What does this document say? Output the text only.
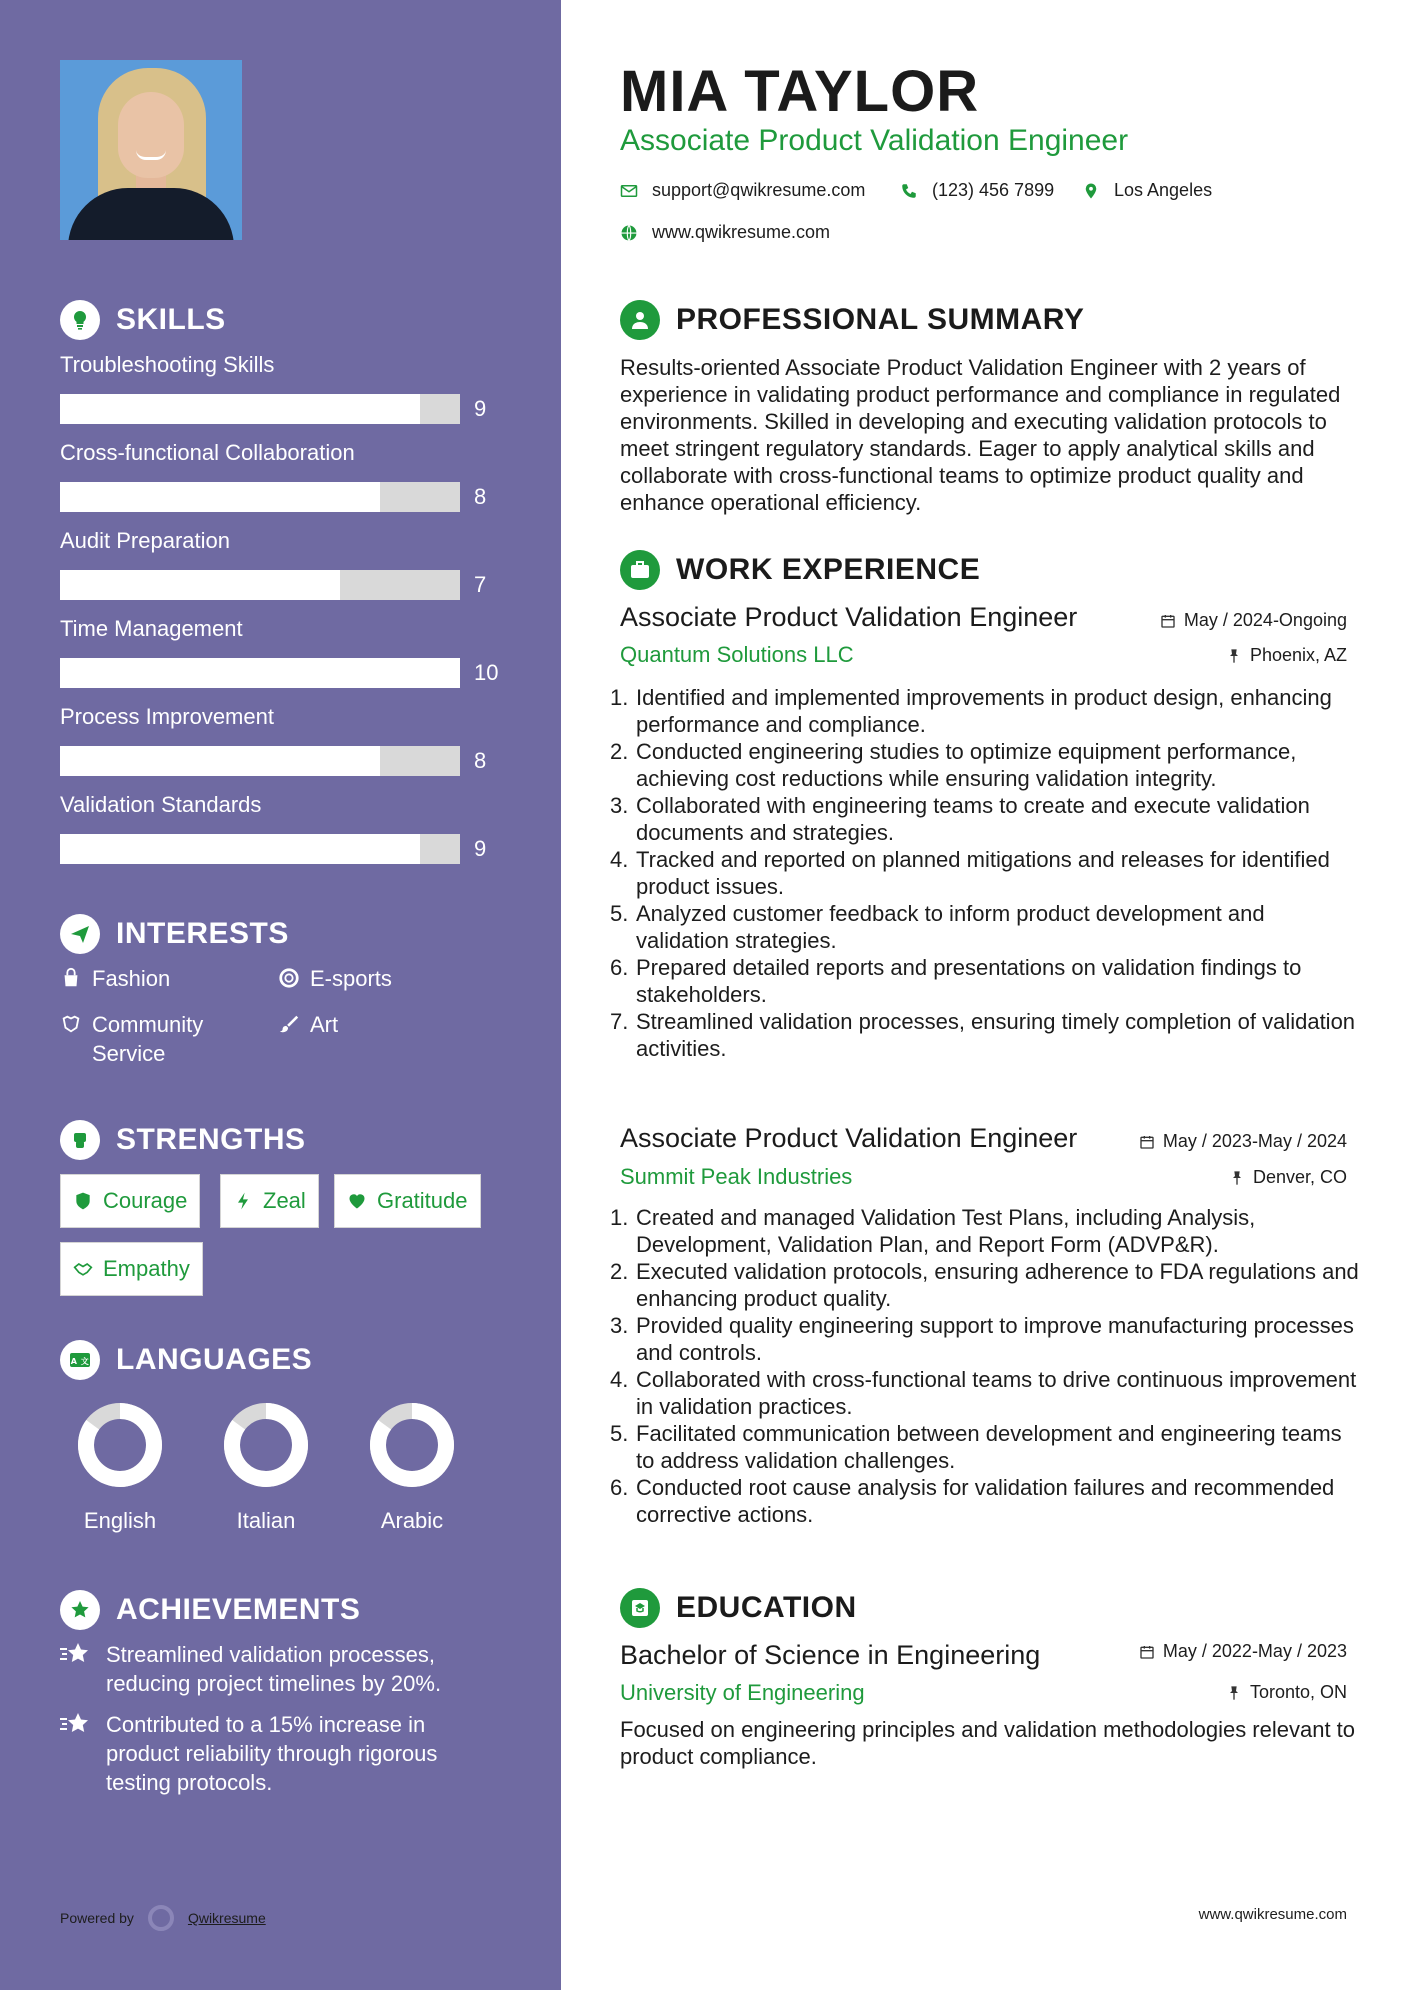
SKILLS
Troubleshooting Skills
9
Cross-functional Collaboration
8
Audit Preparation
7
Time Management
10
Process Improvement
8
Validation Standards
9
INTERESTS
Fashion	E-sports
Community Service
Art
STRENGTHS
Courage	Zeal	Gratitude
Empathy
A 文 LANGUAGES
English	Italian	Arabic
ACHIEVEMENTS
Streamlined validation processes, reducing project timelines by 20%.
Contributed to a 15% increase in product reliability through rigorous testing protocols.
Powered by	Qwikresume
MIA TAYLOR
Associate Product Validation Engineer
support@qwikresume.com	(123) 456 7899	Los Angeles
www.qwikresume.com
PROFESSIONAL SUMMARY
Results-oriented Associate Product Validation Engineer with 2 years of experience in validating product performance and compliance in regulated environments. Skilled in developing and executing validation protocols to meet stringent regulatory standards. Eager to apply analytical skills and collaborate with cross-functional teams to optimize product quality and enhance operational efficiency.
WORK EXPERIENCE
Associate Product Validation Engineer	May / 2024-Ongoing
Quantum Solutions LLC	Phoenix, AZ
1. Identified and implemented improvements in product design, enhancing performance and compliance.
2. Conducted engineering studies to optimize equipment performance, achieving cost reductions while ensuring validation integrity.
3. Collaborated with engineering teams to create and execute validation documents and strategies.
4. Tracked and reported on planned mitigations and releases for identified product issues.
5. Analyzed customer feedback to inform product development and validation strategies.
6. Prepared detailed reports and presentations on validation findings to stakeholders.
7. Streamlined validation processes, ensuring timely completion of validation activities.
Associate Product Validation Engineer	May / 2023-May / 2024
Summit Peak Industries	Denver, CO
1. Created and managed Validation Test Plans, including Analysis, Development, Validation Plan, and Report Form (ADVP&R).
2. Executed validation protocols, ensuring adherence to FDA regulations and enhancing product quality.
3. Provided quality engineering support to improve manufacturing processes and controls.
4. Collaborated with cross-functional teams to drive continuous improvement in validation practices.
5. Facilitated communication between development and engineering teams to address validation challenges.
6. Conducted root cause analysis for validation failures and recommended corrective actions.
EDUCATION
Bachelor of Science in Engineering	May / 2022-May / 2023
University of Engineering	Toronto, ON
Focused on engineering principles and validation methodologies relevant to product compliance.
www.qwikresume.com
